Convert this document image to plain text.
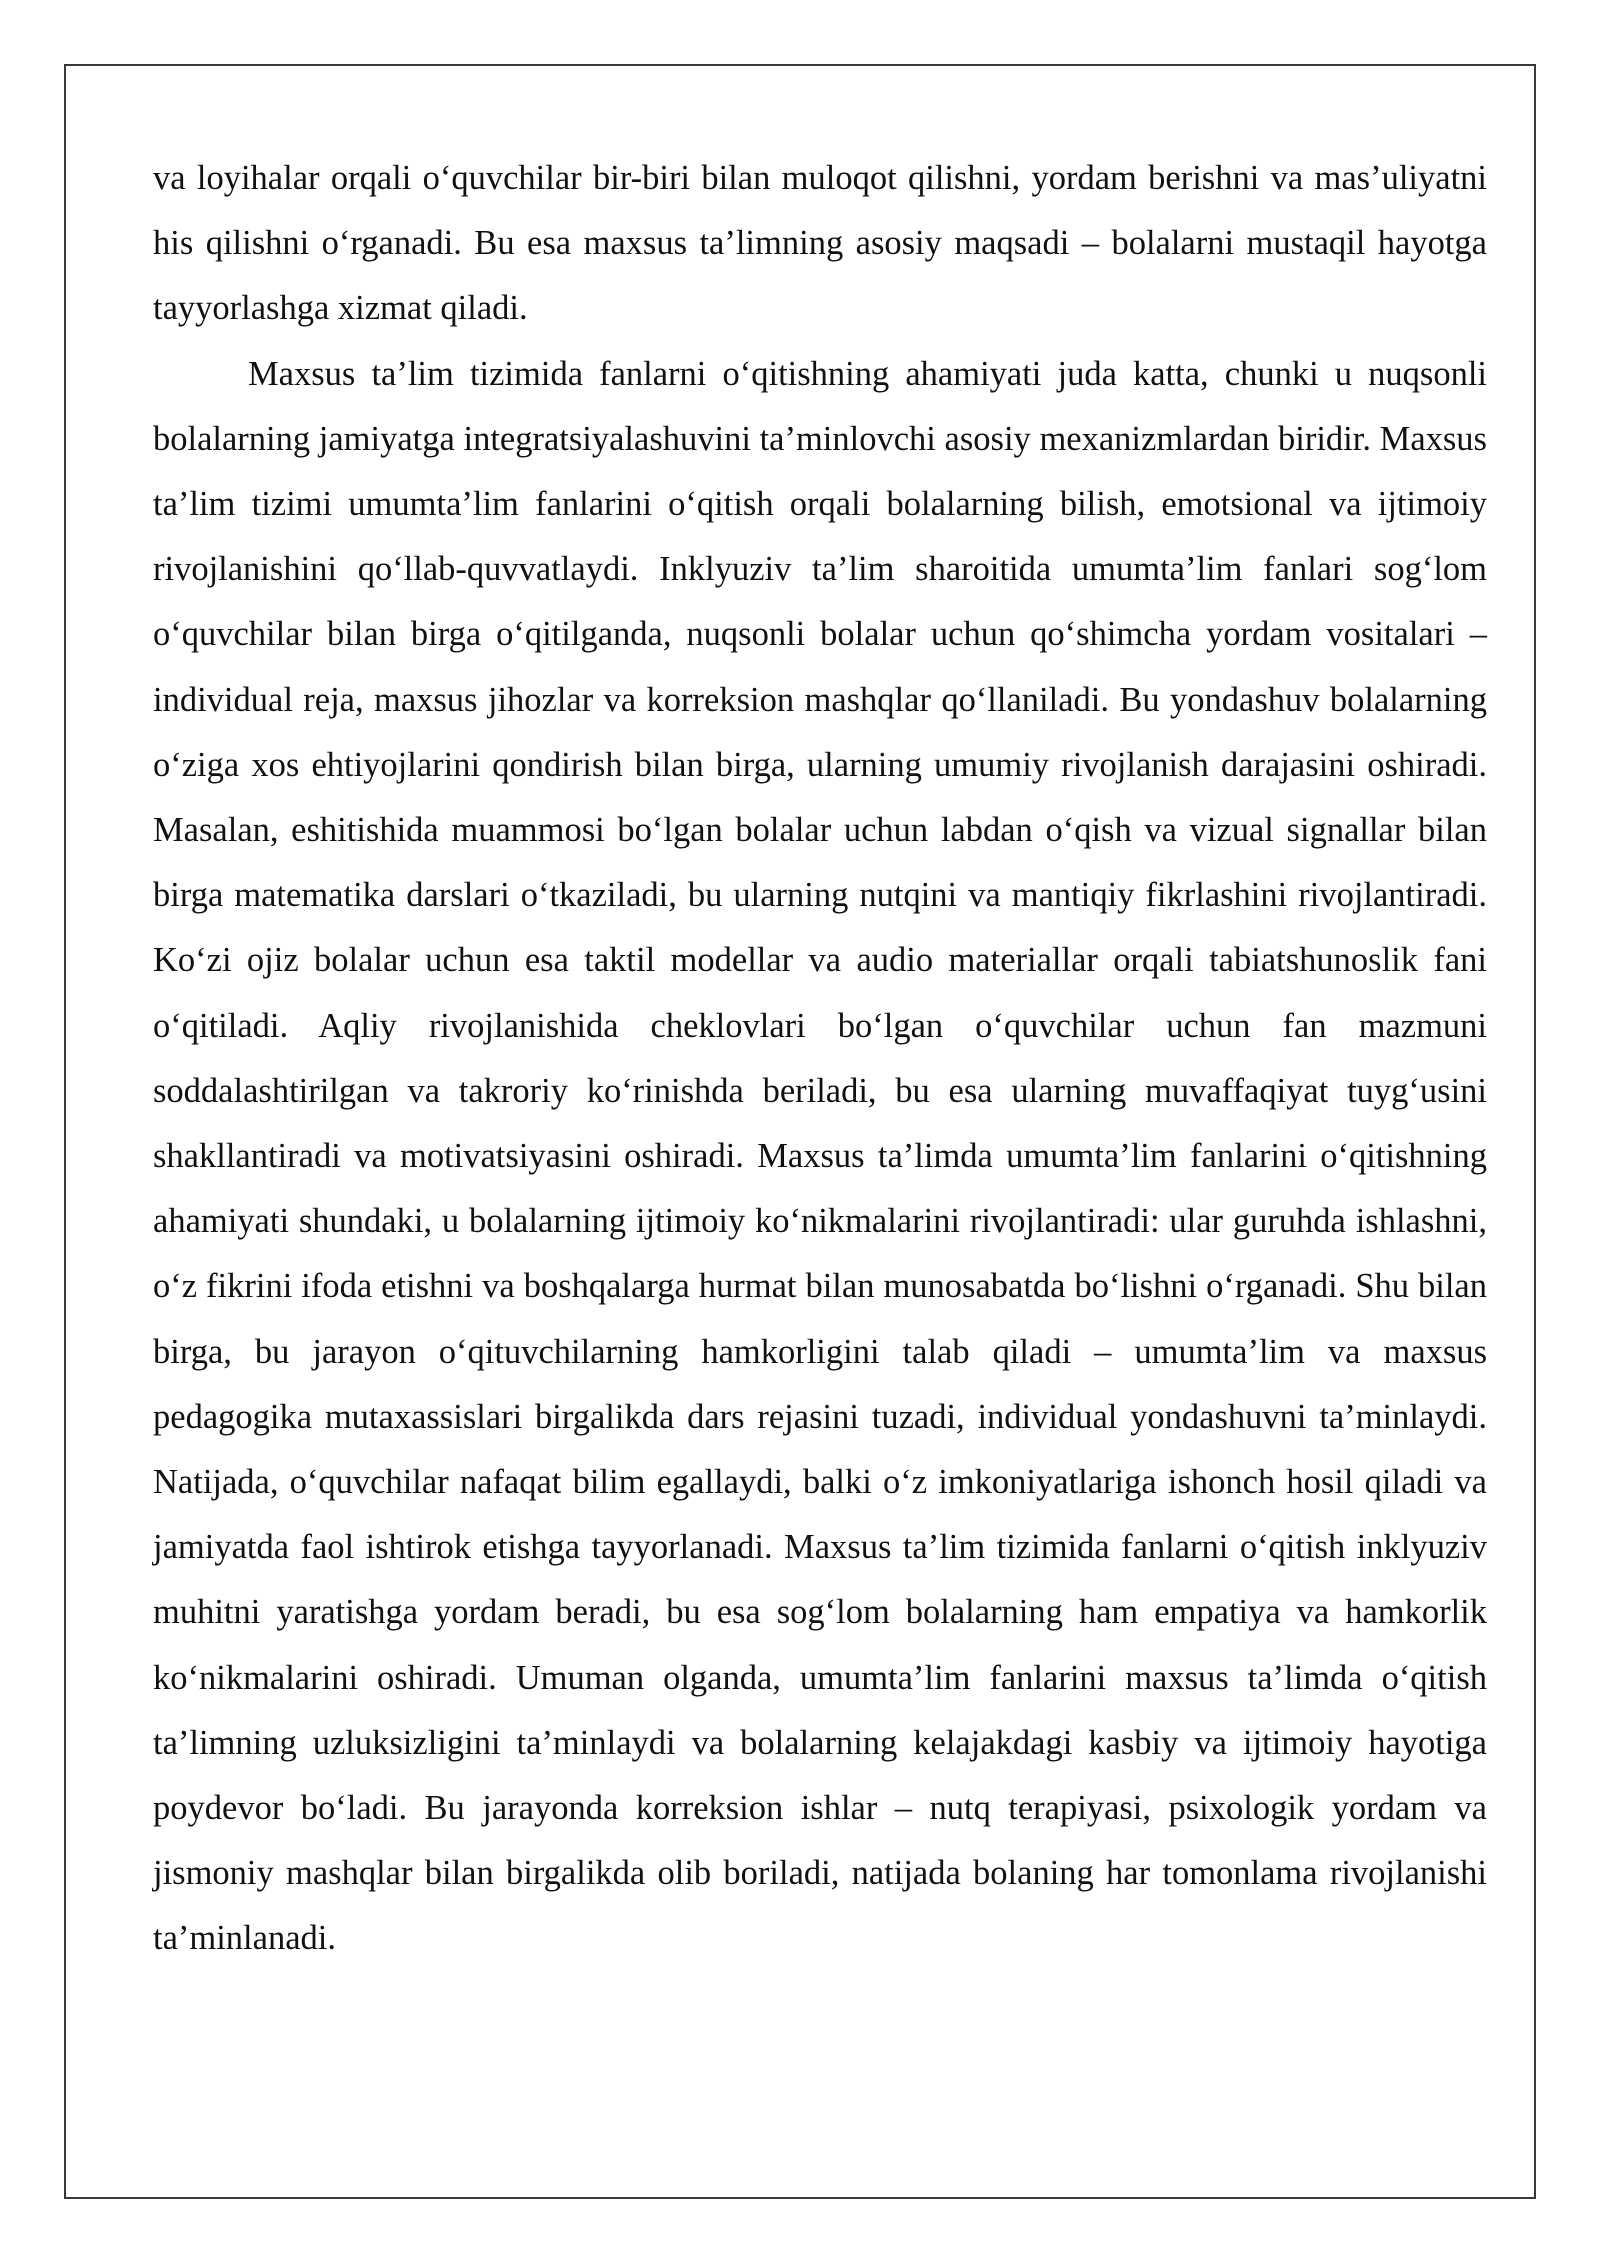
va loyihalar orqali o‘quvchilar bir-biri bilan muloqot qilishni, yordam berishni va mas’uliyatni his qilishni o‘rganadi. Bu esa maxsus ta’limning asosiy maqsadi – bolalarni mustaqil hayotga tayyorlashga xizmat qiladi.

Maxsus ta’lim tizimida fanlarni o‘qitishning ahamiyati juda katta, chunki u nuqsonli bolalarning jamiyatga integratsiyalashuvini ta’minlovchi asosiy mexanizmlardan biridir. Maxsus ta’lim tizimi umumta’lim fanlarini o‘qitish orqali bolalarning bilish, emotsional va ijtimoiy rivojlanishini qo‘llab-quvvatlaydi. Inklyuziv ta’lim sharoitida umumta’lim fanlari sog‘lom o‘quvchilar bilan birga o‘qitilganda, nuqsonli bolalar uchun qo‘shimcha yordam vositalari – individual reja, maxsus jihozlar va korreksion mashqlar qo‘llaniladi. Bu yondashuv bolalarning o‘ziga xos ehtiyojlarini qondirish bilan birga, ularning umumiy rivojlanish darajasini oshiradi. Masalan, eshitishida muammosi bo‘lgan bolalar uchun labdan o‘qish va vizual signallar bilan birga matematika darslari o‘tkaziladi, bu ularning nutqini va mantiqiy fikrlashini rivojlantiradi. Ko‘zi ojiz bolalar uchun esa taktil modellar va audio materiallar orqali tabiatshunoslik fani o‘qitiladi. Aqliy rivojlanishida cheklovlari bo‘lgan o‘quvchilar uchun fan mazmuni soddalashtirilgan va takroriy ko‘rinishda beriladi, bu esa ularning muvaffaqiyat tuyg‘usini shakllantiradi va motivatsiyasini oshiradi. Maxsus ta’limda umumta’lim fanlarini o‘qitishning ahamiyati shundaki, u bolalarning ijtimoiy ko‘nikmalarini rivojlantiradi: ular guruhda ishlashni, o‘z fikrini ifoda etishni va boshqalarga hurmat bilan munosabatda bo‘lishni o‘rganadi. Shu bilan birga, bu jarayon o‘qituvchilarning hamkorligini talab qiladi – umumta’lim va maxsus pedagogika mutaxassislari birgalikda dars rejasini tuzadi, individual yondashuvni ta’minlaydi. Natijada, o‘quvchilar nafaqat bilim egallaydi, balki o‘z imkoniyatlariga ishonch hosil qiladi va jamiyatda faol ishtirok etishga tayyorlanadi. Maxsus ta’lim tizimida fanlarni o‘qitish inklyuziv muhitni yaratishga yordam beradi, bu esa sog‘lom bolalarning ham empatiya va hamkorlik ko‘nikmalarini oshiradi. Umuman olganda, umumta’lim fanlarini maxsus ta’limda o‘qitish ta’limning uzluksizligini ta’minlaydi va bolalarning kelajakdagi kasbiy va ijtimoiy hayotiga poydevor bo‘ladi. Bu jarayonda korreksion ishlar – nutq terapiyasi, psixologik yordam va jismoniy mashqlar bilan birgalikda olib boriladi, natijada bolaning har tomonlama rivojlanishi ta’minlanadi.
